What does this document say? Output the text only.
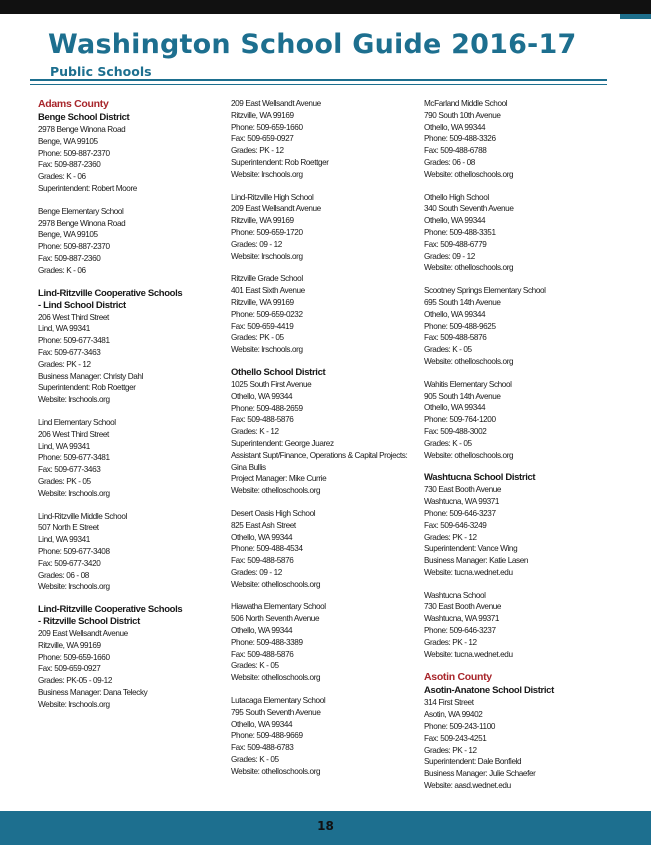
Washington School Guide 2016-17
Public Schools
Adams County
Benge School District
2978 Benge Winona Road
Benge, WA 99105
Phone: 509-887-2370
Fax: 509-887-2360
Grades: K - 06
Superintendent: Robert Moore
Benge Elementary School
2978 Benge Winona Road
Benge, WA 99105
Phone: 509-887-2370
Fax: 509-887-2360
Grades: K - 06
Lind-Ritzville Cooperative Schools
- Lind School District
206 West Third Street
Lind, WA 99341
Phone: 509-677-3481
Fax: 509-677-3463
Grades: PK - 12
Business Manager: Christy Dahl
Superintendent: Rob Roettger
Website: lrschools.org
Lind Elementary School
206 West Third Street
Lind, WA 99341
Phone: 509-677-3481
Fax: 509-677-3463
Grades: PK - 05
Website: lrschools.org
Lind-Ritzville Middle School
507 North E Street
Lind, WA 99341
Phone: 509-677-3408
Fax: 509-677-3420
Grades: 06 - 08
Website: lrschools.org
Lind-Ritzville Cooperative Schools
- Ritzville School District
209 East Wellsandt Avenue
Ritzville, WA 99169
Phone: 509-659-1660
Fax: 509-659-0927
Grades: PK-05 - 09-12
Business Manager: Dana Telecky
Website: lrschools.org
209 East Wellsandt Avenue
Ritzville, WA 99169
Phone: 509-659-1660
Fax: 509-659-0927
Grades: PK - 12
Superintendent: Rob Roettger
Website: lrschools.org
Lind-Ritzville High School
209 East Wellsandt Avenue
Ritzville, WA 99169
Phone: 509-659-1720
Grades: 09 - 12
Website: lrschools.org
Ritzville Grade School
401 East Sixth Avenue
Ritzville, WA 99169
Phone: 509-659-0232
Fax: 509-659-4419
Grades: PK - 05
Website: lrschools.org
Othello School District
1025 South First Avenue
Othello, WA 99344
Phone: 509-488-2659
Fax: 509-488-5876
Grades: K - 12
Superintendent: George Juarez
Assistant Supt/Finance, Operations & Capital Projects:
Gina Bullis
Project Manager: Mike Currie
Website: othelloschools.org
Desert Oasis High School
825 East Ash Street
Othello, WA 99344
Phone: 509-488-4534
Fax: 509-488-5876
Grades: 09 - 12
Website: othelloschools.org
Hiawatha Elementary School
506 North Seventh Avenue
Othello, WA 99344
Phone: 509-488-3389
Fax: 509-488-5876
Grades: K - 05
Website: othelloschools.org
Lutacaga Elementary School
795 South Seventh Avenue
Othello, WA 99344
Phone: 509-488-9669
Fax: 509-488-6783
Grades: K - 05
Website: othelloschools.org
McFarland Middle School
790 South 10th Avenue
Othello, WA 99344
Phone: 509-488-3326
Fax: 509-488-6788
Grades: 06 - 08
Website: othelloschools.org
Othello High School
340 South Seventh Avenue
Othello, WA 99344
Phone: 509-488-3351
Fax: 509-488-6779
Grades: 09 - 12
Website: othelloschools.org
Scootney Springs Elementary School
695 South 14th Avenue
Othello, WA 99344
Phone: 509-488-9625
Fax: 509-488-5876
Grades: K - 05
Website: othelloschools.org
Wahitis Elementary School
905 South 14th Avenue
Othello, WA 99344
Phone: 509-764-1200
Fax: 509-488-3002
Grades: K - 05
Website: othelloschools.org
Washtucna School District
730 East Booth Avenue
Washtucna, WA 99371
Phone: 509-646-3237
Fax: 509-646-3249
Grades: PK - 12
Superintendent: Vance Wing
Business Manager: Katie Lasen
Website: tucna.wednet.edu
Washtucna School
730 East Booth Avenue
Washtucna, WA 99371
Phone: 509-646-3237
Grades: PK - 12
Website: tucna.wednet.edu
Asotin County
Asotin-Anatone School District
314 First Street
Asotin, WA 99402
Phone: 509-243-1100
Fax: 509-243-4251
Grades: PK - 12
Superintendent: Dale Bonfield
Business Manager: Julie Schaefer
Website: aasd.wednet.edu
18
